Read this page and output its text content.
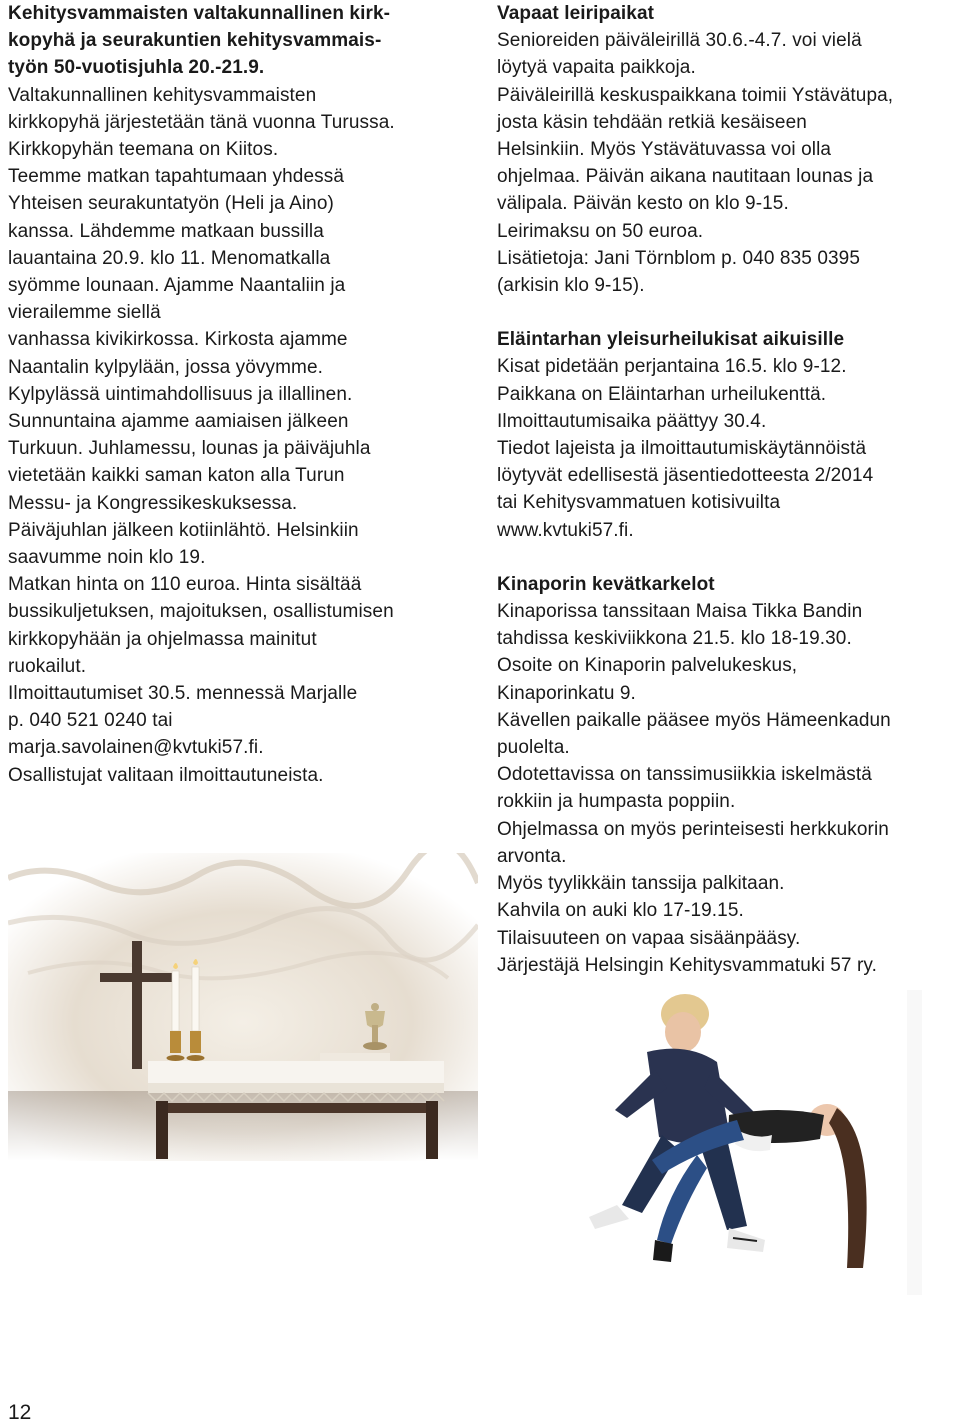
Kehitysvammaisten valtakunnallinen kirk-
kopyhä ja seurakuntien kehitysvammais-
työn 50-vuotisjuhla 20.-21.9.
Valtakunnallinen kehitysvammaisten
kirkkopyhä järjestetään tänä vuonna Turussa.
Kirkkopyhän teemana on Kiitos.
Teemme matkan tapahtumaan yhdessä
Yhteisen seurakuntatyön (Heli ja Aino)
kanssa. Lähdemme matkaan bussilla
lauantaina 20.9. klo 11. Menomatkalla
syömme lounaan. Ajamme Naantaliin ja
vierailemme siellä
vanhassa kivikirkossa. Kirkosta ajamme
Naantalin kylpylään, jossa yövymme.
Kylpylässä uintimahdollisuus ja illallinen.
Sunnuntaina ajamme aamiaisen jälkeen
Turkuun. Juhlamessu, lounas ja päiväjuhla
vietetään kaikki saman katon alla Turun
Messu- ja Kongressikeskuksessa.
Päiväjuhlan jälkeen kotiinlähtö. Helsinkiin
saavumme noin klo 19.
Matkan hinta on 110 euroa. Hinta sisältää
bussikuljetuksen, majoituksen, osallistumisen
kirkkopyhään ja ohjelmassa mainitut
ruokailut.
Ilmoittautumiset 30.5. mennessä Marjalle
p. 040 521 0240 tai
marja.savolainen@kvtuki57.fi.
Osallistujat valitaan ilmoittautuneista.
Vapaat leiripaikat
Senioreiden päiväleirillä 30.6.-4.7. voi vielä
löytyä vapaita paikkoja.
Päiväleirillä keskuspaikkana toimii Ystävätupa,
josta käsin tehdään retkiä kesäiseen
Helsinkiin. Myös Ystävätuvassa voi olla
ohjelmaa. Päivän aikana nautitaan lounas ja
välipala. Päivän kesto on klo 9-15.
Leirimaksu on 50 euroa.
Lisätietoja: Jani Törnblom p. 040 835 0395
(arkisin klo 9-15).
Eläintarhan yleisurheilukisat aikuisille
Kisat pidetään perjantaina 16.5. klo 9-12.
Paikkana on Eläintarhan urheilukenttä.
Ilmoittautumisaika päättyy 30.4.
Tiedot lajeista ja ilmoittautumiskäytännöistä
löytyvät edellisestä jäsentiedotteesta 2/2014
tai Kehitysvammatuen kotisivuilta
www.kvtuki57.fi.
Kinaporin kevätkarkelot
Kinaporissa tanssitaan Maisa Tikka Bandin
tahdissa keskiviikkona 21.5. klo 18-19.30.
Osoite on Kinaporin palvelukeskus,
Kinaporinkatu 9.
Kävellen paikalle pääsee myös Hämeenkadun
puolelta.
Odotettavissa on tanssimusiikkia iskelmästä
rokkiin ja humpasta poppiin.
Ohjelmassa on myös perinteisesti herkkukorin
arvonta.
Myös tyylikkäin tanssija palkitaan.
Kahvila on auki klo 17-19.15.
Tilaisuuteen on vapaa sisäänpääsy.
Järjestäjä Helsingin Kehitysvammatuki 57 ry.
12
